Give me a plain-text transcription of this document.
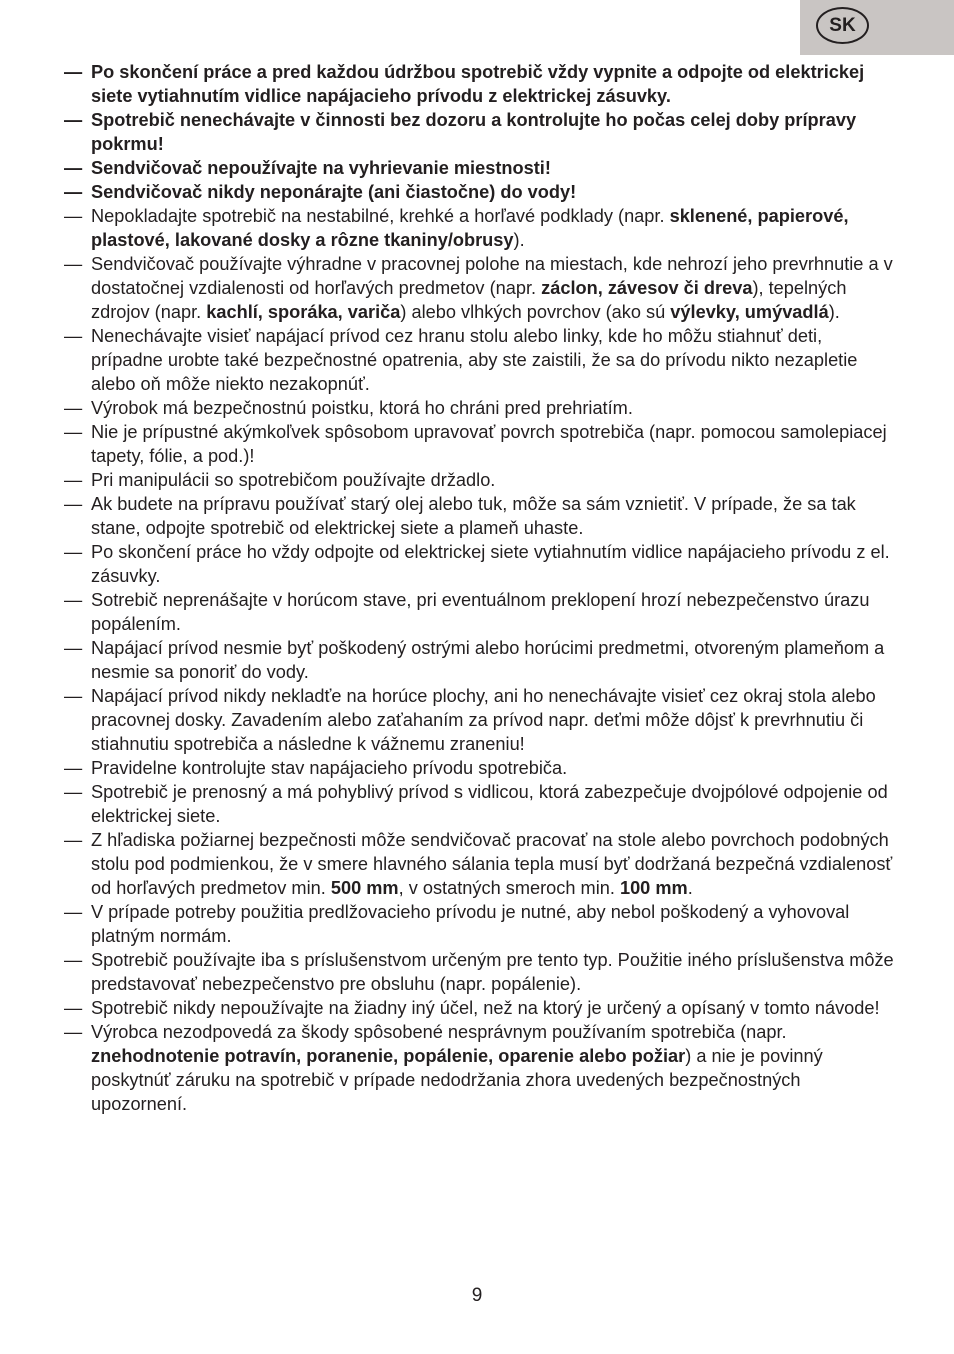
SK
— Po skončení práce a pred každou údržbou spotrebič vždy vypnite a odpojte od elektrickej siete vytiahnutím vidlice napájacieho prívodu z elektrickej zásuvky.
— Spotrebič nenechávajte v činnosti bez dozoru a kontrolujte ho počas celej doby prípravy pokrmu!
— Sendvičovač nepoužívajte na vyhrievanie miestnosti!
— Sendvičovač nikdy neponárajte (ani čiastočne) do vody!
— Nepokladajte spotrebič na nestabilné, krehké a horľavé podklady (napr. sklenené, papierové, plastové, lakované dosky a rôzne tkaniny/obrusy).
— Sendvičovač používajte výhradne v pracovnej polohe na miestach, kde nehrozí jeho prevrhnutie a v dostatočnej vzdialenosti od horľavých predmetov (napr. záclon, závesov či dreva), tepelných zdrojov (napr. kachlí, sporáka, variča) alebo vlhkých povrchov (ako sú výlevky, umývadlá).
— Nenechávajte visieť napájací prívod cez hranu stolu alebo linky, kde ho môžu stiahnuť deti, prípadne urobte také bezpečnostné opatrenia, aby ste zaistili, že sa do prívodu nikto nezapletie alebo oň môže niekto nezakopnúť.
— Výrobok má bezpečnostnú poistku, ktorá ho chráni pred prehriatím.
— Nie je prípustné akýmkoľvek spôsobom upravovať povrch spotrebiča (napr. pomocou samolepiacej tapety, fólie, a pod.)!
— Pri manipulácii so spotrebičom používajte držadlo.
— Ak budete na prípravu používať starý olej alebo tuk, môže sa sám vznietiť. V prípade, že sa tak stane, odpojte spotrebič od elektrickej siete a plameň uhaste.
— Po skončení práce ho vždy odpojte od elektrickej siete vytiahnutím vidlice napájacieho prívodu z el. zásuvky.
— Sotrebič neprenášajte v horúcom stave, pri eventuálnom preklopení hrozí nebezpečenstvo úrazu popálením.
— Napájací prívod nesmie byť poškodený ostrými alebo horúcimi predmetmi, otvoreným plameňom a nesmie sa ponoriť do vody.
— Napájací prívod nikdy nekladťe na horúce plochy, ani ho nenechávajte visieť cez okraj stola alebo pracovnej dosky. Zavadením alebo zaťahaním za prívod napr. deťmi môže dôjsť k prevrhnutiu či stiahnutiu spotrebiča a následne k vážnemu zraneniu!
— Pravidelne kontrolujte stav napájacieho prívodu spotrebiča.
— Spotrebič je prenosný a má pohyblivý prívod s vidlicou, ktorá zabezpečuje dvojpólové odpojenie od elektrickej siete.
— Z hľadiska požiarnej bezpečnosti môže sendvičovač pracovať na stole alebo povrchoch podobných stolu pod podmienkou, že v smere hlavného sálania tepla musí byť dodržaná bezpečná vzdialenosť od horľavých predmetov min. 500 mm, v ostatných smeroch min. 100 mm.
— V prípade potreby použitia predlžovacieho prívodu je nutné, aby nebol poškodený a vyhovoval platným normám.
— Spotrebič používajte iba s príslušenstvom určeným pre tento typ. Použitie iného príslušenstva môže predstavovať nebezpečenstvo pre obsluhu (napr. popálenie).
— Spotrebič nikdy nepoužívajte na žiadny iný účel, než na ktorý je určený a opísaný v tomto návode!
— Výrobca nezodpovedá za škody spôsobené nesprávnym používaním spotrebiča (napr. znehodnotenie potravín, poranenie, popálenie, oparenie alebo požiar) a nie je povinný poskytnúť záruku na spotrebič v prípade nedodržania zhora uvedených bezpečnostných upozornení.
9
